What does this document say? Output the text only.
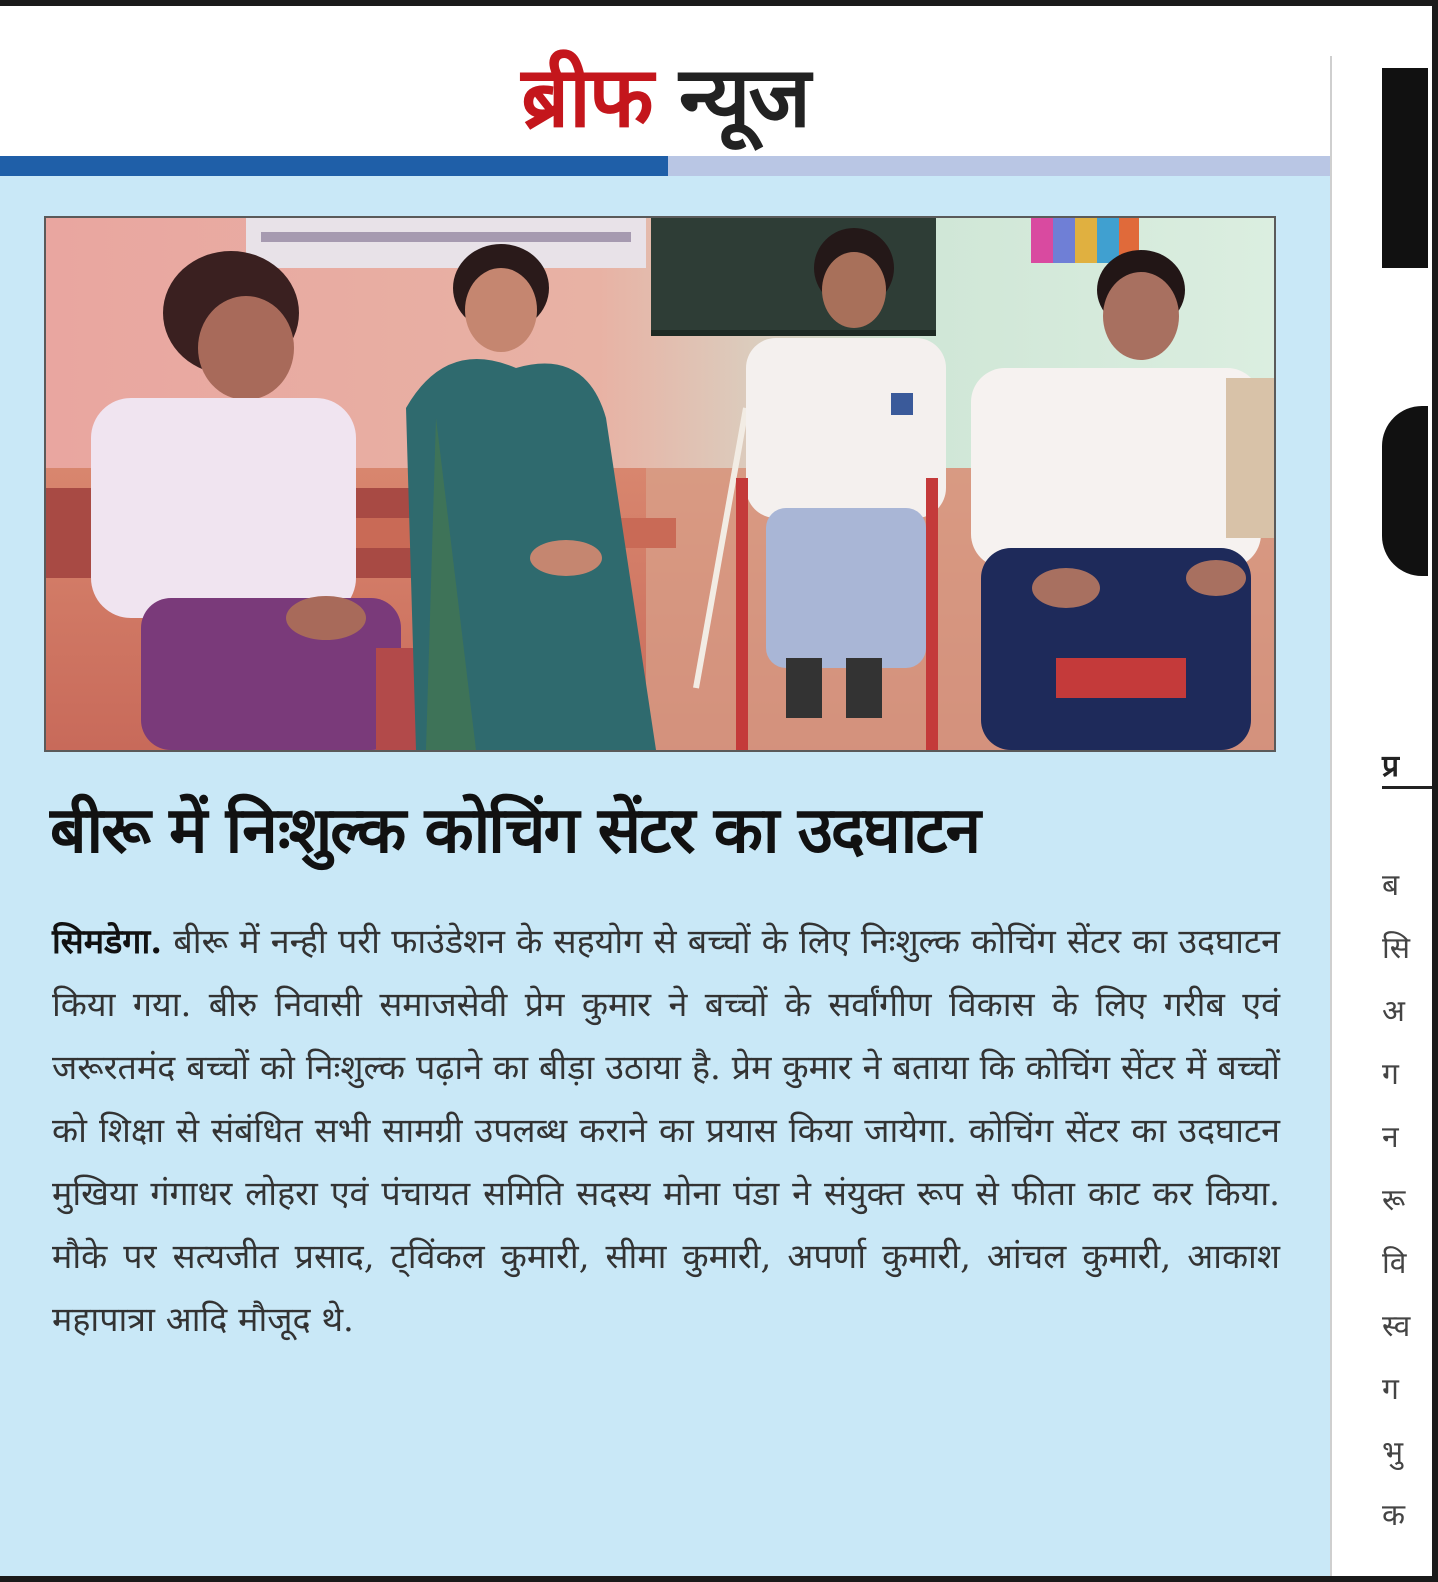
ब्रीफ न्यूज
बीरू में निःशुल्क कोचिंग सेंटर का उदघाटन
सिमडेगा. बीरू में नन्ही परी फाउंडेशन के सहयोग से बच्चों के लिए निःशुल्क कोचिंग सेंटर का उदघाटन किया गया. बीरु निवासी समाजसेवी प्रेम कुमार ने बच्चों के सर्वांगीण विकास के लिए गरीब एवं जरूरतमंद बच्चों को निःशुल्क पढ़ाने का बीड़ा उठाया है. प्रेम कुमार ने बताया कि कोचिंग सेंटर में बच्चों को शिक्षा से संबंधित सभी सामग्री उपलब्ध कराने का प्रयास किया जायेगा. कोचिंग सेंटर का उदघाटन मुखिया गंगाधर लोहरा एवं पंचायत समिति सदस्य मोना पंडा ने संयुक्त रूप से फीता काट कर किया. मौके पर सत्यजीत प्रसाद, ट्विंकल कुमारी, सीमा कुमारी, अपर्णा कुमारी, आंचल कुमारी, आकाश महापात्रा आदि मौजूद थे.
प्र
ब
सि
अ
ग
न
रू
वि
स्व
ग
भु
क
